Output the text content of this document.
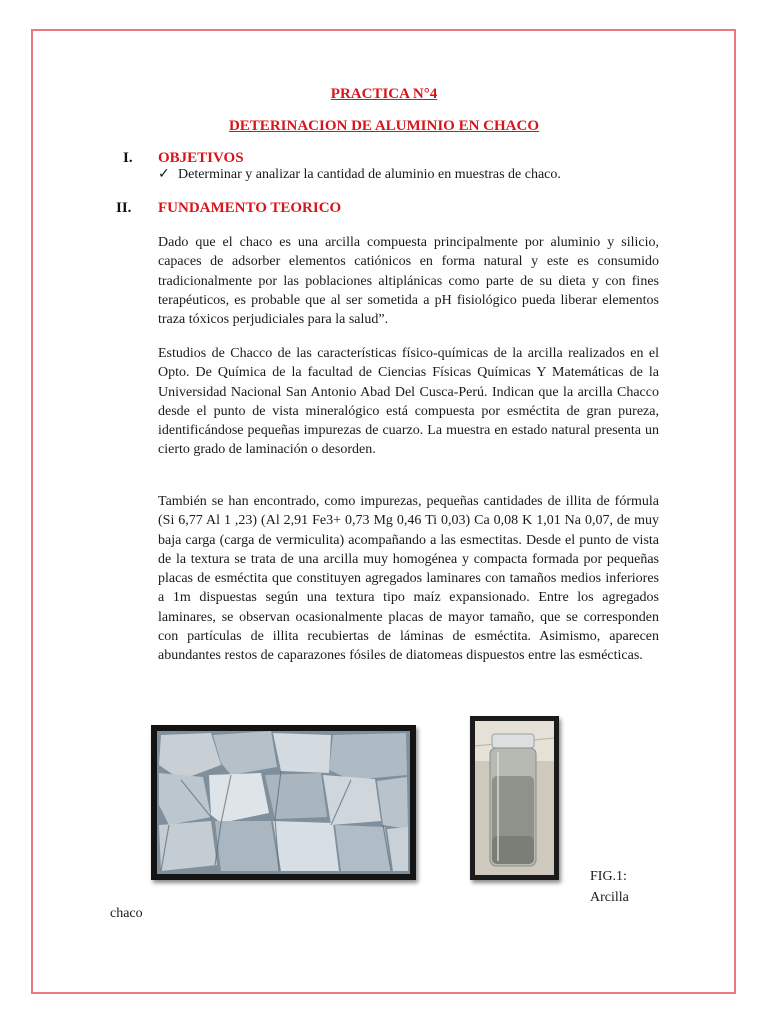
PRACTICA N°4
DETERINACION DE ALUMINIO EN CHACO
I. OBJETIVOS
✓ Determinar y analizar la cantidad de aluminio en muestras de chaco.
II. FUNDAMENTO TEORICO

Dado que el chaco es una arcilla compuesta principalmente por aluminio y silicio, capaces de adsorber elementos catiónicos en forma natural y este es consumido tradicionalmente por las poblaciones altiplánicas como parte de su dieta y con fines terapéuticos, es probable que al ser sometida a pH fisiológico pueda liberar elementos traza tóxicos perjudiciales para la salud”.

Estudios de Chacco de las características físico-químicas de la arcilla realizados en el Opto. De Química de la facultad de Ciencias Físicas Químicas Y Matemáticas de la Universidad Nacional San Antonio Abad Del Cusca-Perú. Indican que la arcilla Chacco desde el punto de vista mineralógico está compuesta por esméctita de gran pureza, identificándose pequeñas impurezas de cuarzo. La muestra en estado natural presenta un cierto grado de laminación o desorden.

También se han encontrado, como impurezas, pequeñas cantidades de illita de fórmula (Si 6,77 Al 1 ,23) (Al 2,91 Fe3+ 0,73 Mg 0,46 Ti 0,03) Ca 0,08 K 1,01 Na 0,07, de muy baja carga (carga de vermiculita) acompañando a las esmectitas. Desde el punto de vista de la textura se trata de una arcilla muy homogénea y compacta formada por pequeñas placas de esméctita que constituyen agregados laminares con tamaños medios inferiores a 1m dispuestas según una textura tipo maíz expansionado. Entre los agregados laminares, se observan ocasionalmente placas de mayor tamaño, que se corresponden con partículas de illita recubiertas de láminas de esméctita. Asimismo, aparecen abundantes restos de caparazones fósiles de diatomeas dispuestos entre las esmécticas.

FIG.1:
Arcilla
chaco
